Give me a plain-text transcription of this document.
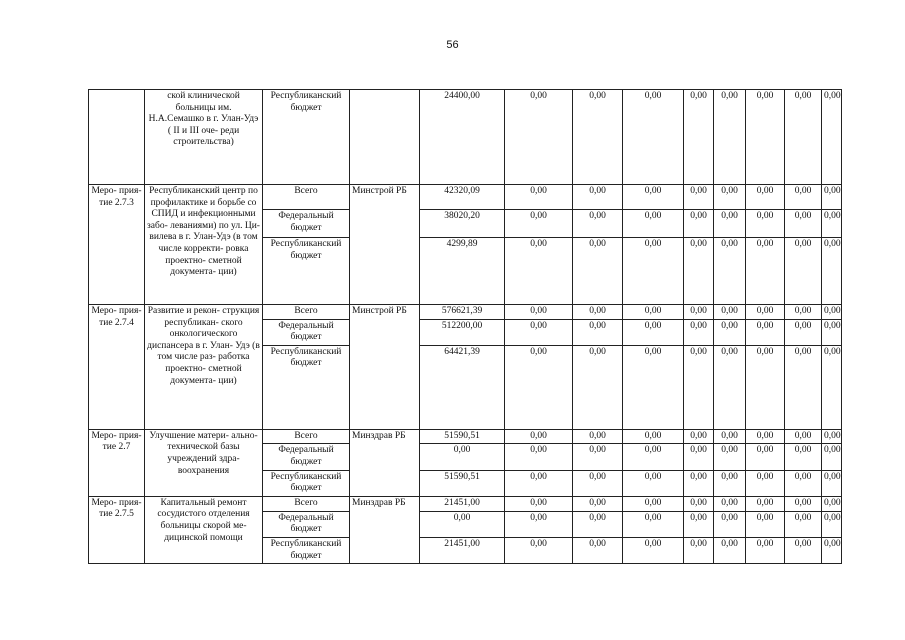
56
	ской клинической больницы им. Н.А.Семашко в г. Улан-Удэ ( II и III оче- реди строительства)	Республиканский бюджет		24400,00	0,00	0,00	0,00	0,00	0,00	0,00	0,00	0,00
Меро- прия- тие 2.7.3	Республиканский центр по профилактике и борьбе со СПИД и инфекционными забо- леваниями) по ул. Ци- вилева в г. Улан-Удэ (в том числе корректи- ровка проектно- сметной документа- ции)	Всего	Минстрой РБ	42320,09	0,00	0,00	0,00	0,00	0,00	0,00	0,00	0,00
		Федеральный бюджет		38020,20	0,00	0,00	0,00	0,00	0,00	0,00	0,00	0,00
		Республиканский бюджет		4299,89	0,00	0,00	0,00	0,00	0,00	0,00	0,00	0,00
Меро- прия- тие 2.7.4	Развитие и рекон- струкция республикан- ского онкологического диспансера в г. Улан- Удэ (в том числе раз- работка проектно- сметной документа- ции)	Всего	Минстрой РБ	576621,39	0,00	0,00	0,00	0,00	0,00	0,00	0,00	0,00
		Федеральный бюджет		512200,00	0,00	0,00	0,00	0,00	0,00	0,00	0,00	0,00
		Республиканский бюджет		64421,39	0,00	0,00	0,00	0,00	0,00	0,00	0,00	0,00
Меро- прия- тие 2.7	Улучшение матери- ально-технической базы учреждений здра- воохранения	Всего	Минздрав РБ	51590,51	0,00	0,00	0,00	0,00	0,00	0,00	0,00	0,00
		Федеральный бюджет		0,00	0,00	0,00	0,00	0,00	0,00	0,00	0,00	0,00
		Республиканский бюджет		51590,51	0,00	0,00	0,00	0,00	0,00	0,00	0,00	0,00
Меро- прия- тие 2.7.5	Капитальный ремонт сосудистого отделения больницы скорой ме- дицинской помощи	Всего	Минздрав РБ	21451,00	0,00	0,00	0,00	0,00	0,00	0,00	0,00	0,00
		Федеральный бюджет		0,00	0,00	0,00	0,00	0,00	0,00	0,00	0,00	0,00
		Республиканский бюджет		21451,00	0,00	0,00	0,00	0,00	0,00	0,00	0,00	0,00
